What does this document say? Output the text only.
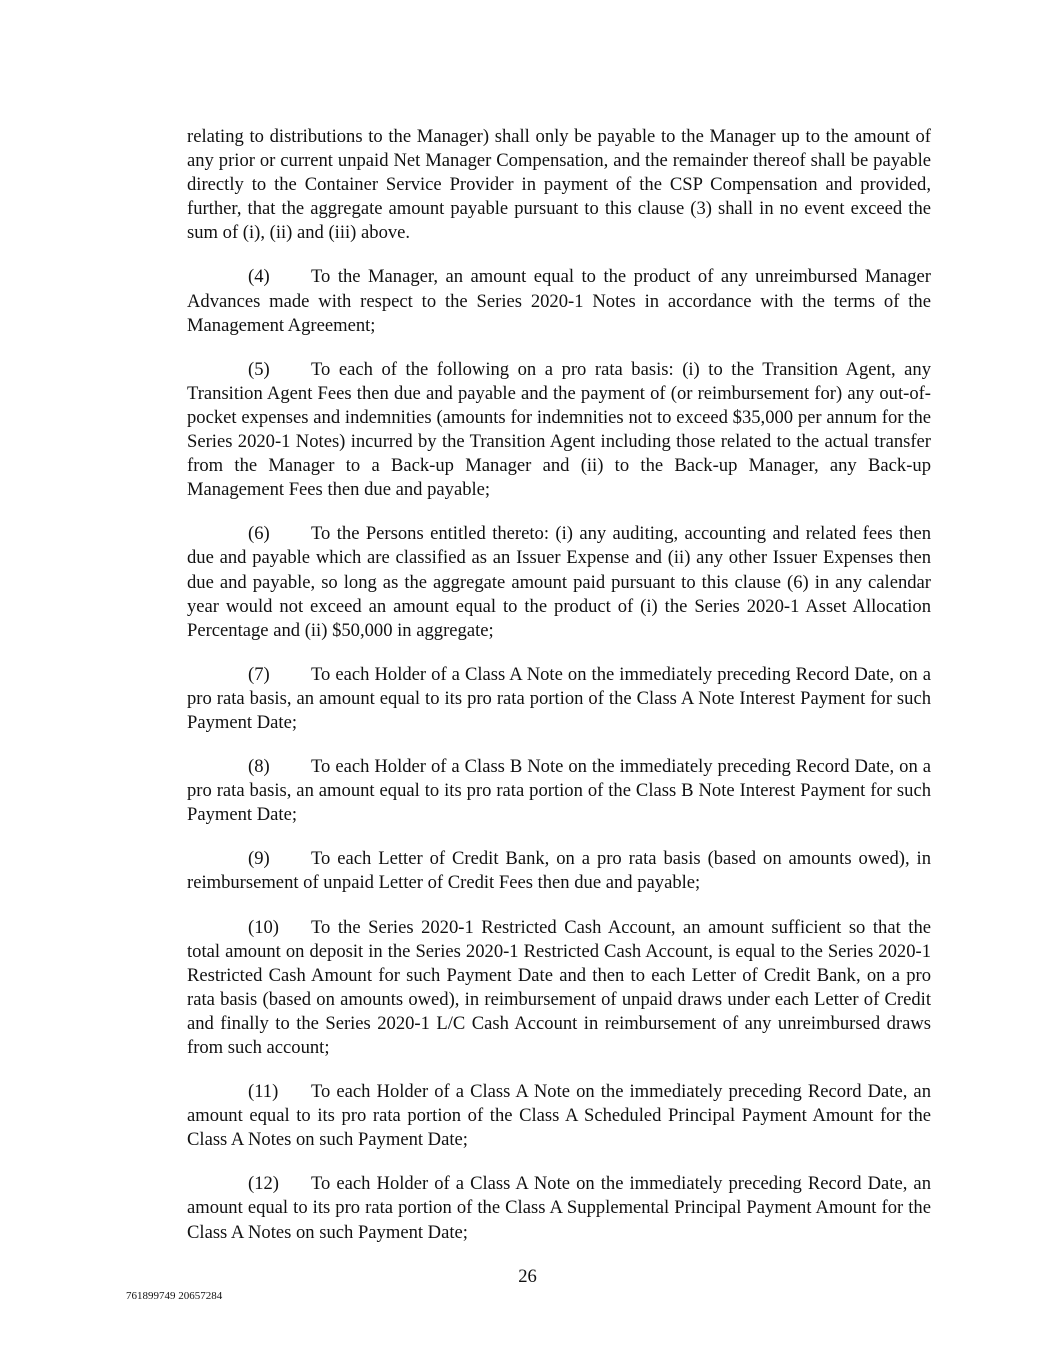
relating to distributions to the Manager) shall only be payable to the Manager up to the amount of any prior or current unpaid Net Manager Compensation, and the remainder thereof shall be payable directly to the Container Service Provider in payment of the CSP Compensation and provided, further, that the aggregate amount payable pursuant to this clause (3) shall in no event exceed the sum of (i), (ii) and (iii) above.

(4) To the Manager, an amount equal to the product of any unreimbursed Manager Advances made with respect to the Series 2020-1 Notes in accordance with the terms of the Management Agreement;

(5) To each of the following on a pro rata basis: (i) to the Transition Agent, any Transition Agent Fees then due and payable and the payment of (or reimbursement for) any out-of-pocket expenses and indemnities (amounts for indemnities not to exceed $35,000 per annum for the Series 2020-1 Notes) incurred by the Transition Agent including those related to the actual transfer from the Manager to a Back-up Manager and (ii) to the Back-up Manager, any Back-up Management Fees then due and payable;

(6) To the Persons entitled thereto: (i) any auditing, accounting and related fees then due and payable which are classified as an Issuer Expense and (ii) any other Issuer Expenses then due and payable, so long as the aggregate amount paid pursuant to this clause (6) in any calendar year would not exceed an amount equal to the product of (i) the Series 2020-1 Asset Allocation Percentage and (ii) $50,000 in aggregate;

(7) To each Holder of a Class A Note on the immediately preceding Record Date, on a pro rata basis, an amount equal to its pro rata portion of the Class A Note Interest Payment for such Payment Date;

(8) To each Holder of a Class B Note on the immediately preceding Record Date, on a pro rata basis, an amount equal to its pro rata portion of the Class B Note Interest Payment for such Payment Date;

(9) To each Letter of Credit Bank, on a pro rata basis (based on amounts owed), in reimbursement of unpaid Letter of Credit Fees then due and payable;

(10) To the Series 2020-1 Restricted Cash Account, an amount sufficient so that the total amount on deposit in the Series 2020-1 Restricted Cash Account, is equal to the Series 2020-1 Restricted Cash Amount for such Payment Date and then to each Letter of Credit Bank, on a pro rata basis (based on amounts owed), in reimbursement of unpaid draws under each Letter of Credit and finally to the Series 2020-1 L/C Cash Account in reimbursement of any unreimbursed draws from such account;

(11) To each Holder of a Class A Note on the immediately preceding Record Date, an amount equal to its pro rata portion of the Class A Scheduled Principal Payment Amount for the Class A Notes on such Payment Date;

(12) To each Holder of a Class A Note on the immediately preceding Record Date, an amount equal to its pro rata portion of the Class A Supplemental Principal Payment Amount for the Class A Notes on such Payment Date;

26
761899749 20657284
